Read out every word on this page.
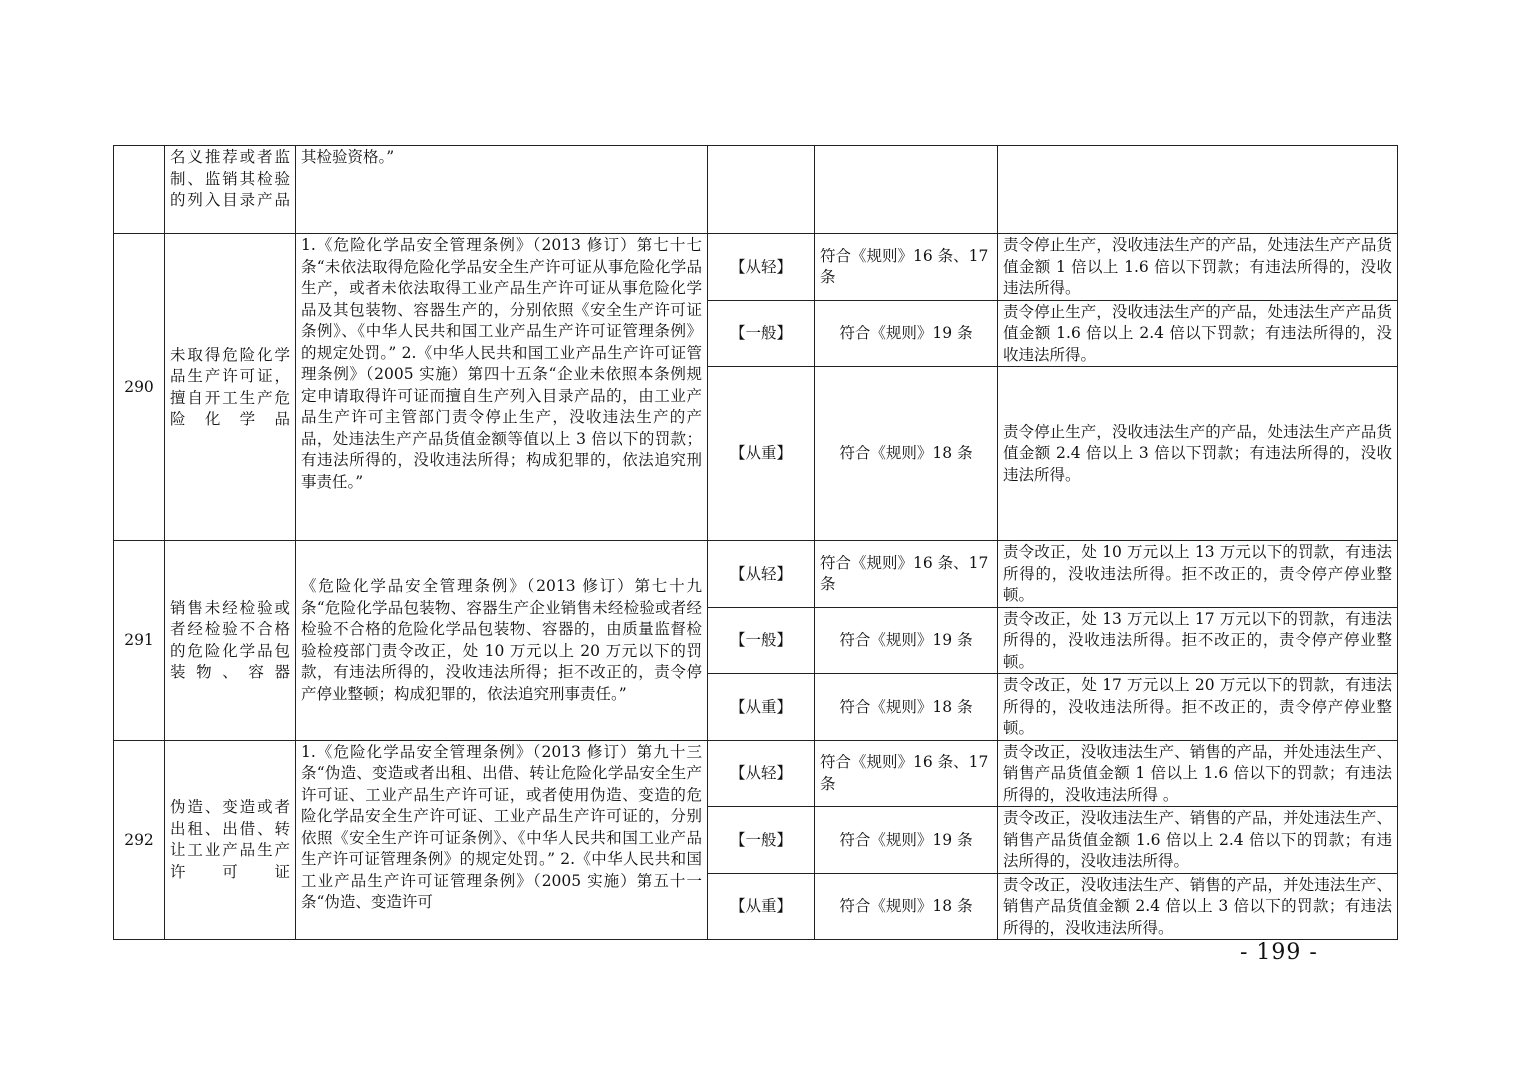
	名义推荐或者监制、监销其检验的列入目录产品	其检验资格。”			
290	未取得危险化学品生产许可证，擅自开工生产危险化学品	1.《危险化学品安全管理条例》（2013 修订）第七十七条“未依法取得危险化学品安全生产许可证从事危险化学品生产，或者未依法取得工业产品生产许可证从事危险化学品及其包装物、容器生产的，分别依照《安全生产许可证条例》、《中华人民共和国工业产品生产许可证管理条例》的规定处罚。” 2.《中华人民共和国工业产品生产许可证管理条例》（2005 实施）第四十五条“企业未依照本条例规定申请取得许可证而擅自生产列入目录产品的，由工业产品生产许可主管部门责令停止生产，没收违法生产的产品，处违法生产产品货值金额等值以上 3 倍以下的罚款；有违法所得的，没收违法所得；构成犯罪的，依法追究刑事责任。”	【从轻】	符合《规则》16 条、17 条	责令停止生产，没收违法生产的产品，处违法生产产品货值金额 1 倍以上 1.6 倍以下罚款；有违法所得的，没收违法所得。
			【一般】	符合《规则》19 条	责令停止生产，没收违法生产的产品，处违法生产产品货值金额 1.6 倍以上 2.4 倍以下罚款；有违法所得的，没收违法所得。
			【从重】	符合《规则》18 条	责令停止生产，没收违法生产的产品，处违法生产产品货值金额 2.4 倍以上 3 倍以下罚款；有违法所得的，没收违法所得。
291	销售未经检验或者经检验不合格的危险化学品包装物、容器	《危险化学品安全管理条例》（2013 修订）第七十九条“危险化学品包装物、容器生产企业销售未经检验或者经检验不合格的危险化学品包装物、容器的，由质量监督检验检疫部门责令改正，处 10 万元以上 20 万元以下的罚款，有违法所得的，没收违法所得；拒不改正的，责令停产停业整顿；构成犯罪的，依法追究刑事责任。”	【从轻】	符合《规则》16 条、17 条	责令改正，处 10 万元以上 13 万元以下的罚款，有违法所得的，没收违法所得。拒不改正的，责令停产停业整顿。
			【一般】	符合《规则》19 条	责令改正，处 13 万元以上 17 万元以下的罚款，有违法所得的，没收违法所得。拒不改正的，责令停产停业整顿。
			【从重】	符合《规则》18 条	责令改正，处 17 万元以上 20 万元以下的罚款，有违法所得的，没收违法所得。拒不改正的，责令停产停业整顿。
292	伪造、变造或者出租、出借、转让工业产品生产许可证	1.《危险化学品安全管理条例》（2013 修订）第九十三条“伪造、变造或者出租、出借、转让危险化学品安全生产许可证、工业产品生产许可证，或者使用伪造、变造的危险化学品安全生产许可证、工业产品生产许可证的，分别依照《安全生产许可证条例》、《中华人民共和国工业产品生产许可证管理条例》的规定处罚。” 2.《中华人民共和国工业产品生产许可证管理条例》（2005 实施）第五十一条“伪造、变造许可	【从轻】	符合《规则》16 条、17 条	责令改正，没收违法生产、销售的产品，并处违法生产、销售产品货值金额 1 倍以上 1.6 倍以下的罚款；有违法所得的，没收违法所得 。
			【一般】	符合《规则》19 条	责令改正，没收违法生产、销售的产品，并处违法生产、销售产品货值金额 1.6 倍以上 2.4 倍以下的罚款；有违法所得的，没收违法所得。
			【从重】	符合《规则》18 条	责令改正，没收违法生产、销售的产品，并处违法生产、销售产品货值金额 2.4 倍以上 3 倍以下的罚款；有违法所得的，没收违法所得。
- 199 -
